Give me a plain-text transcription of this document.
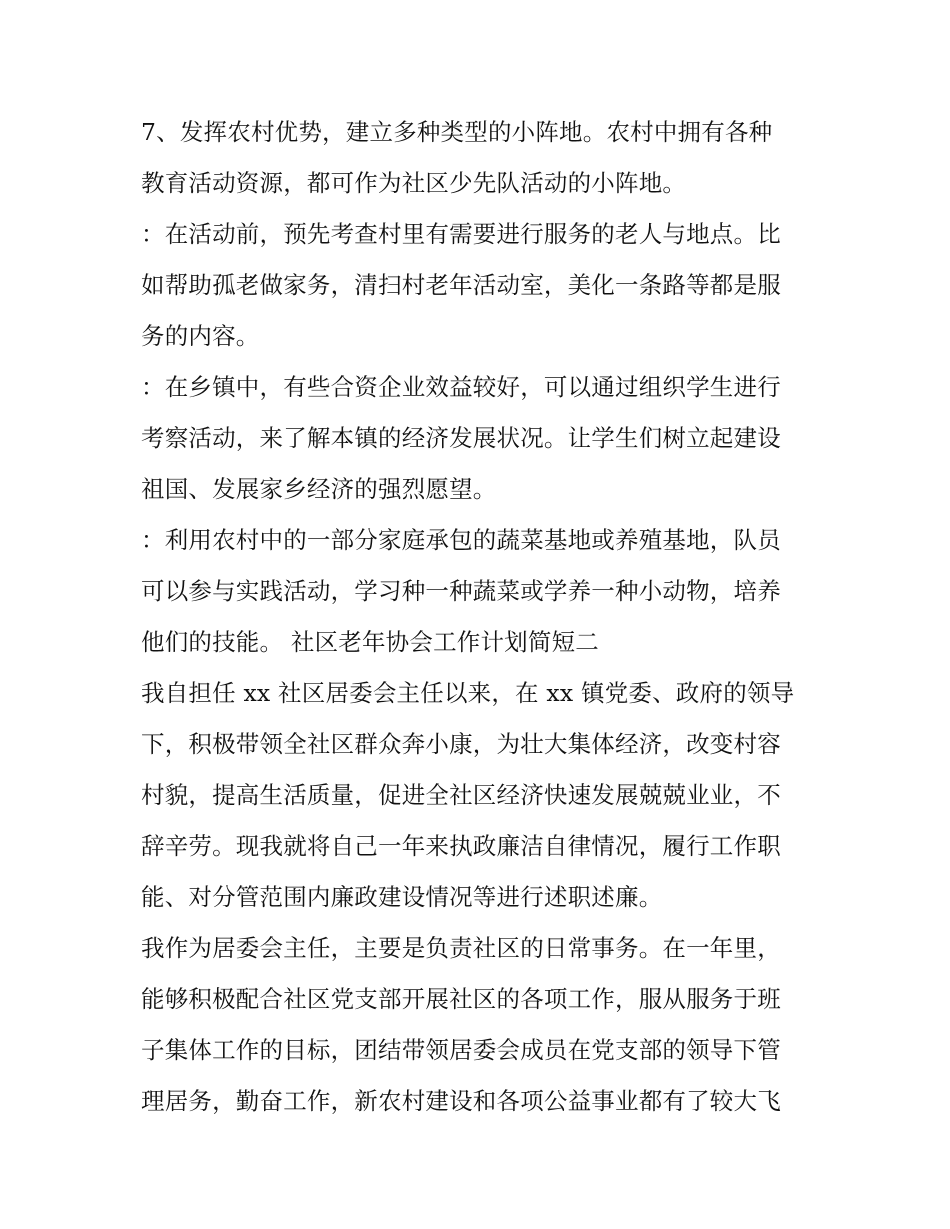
7、发挥农村优势，建立多种类型的小阵地。农村中拥有各种
教育活动资源，都可作为社区少先队活动的小阵地。
：在活动前，预先考查村里有需要进行服务的老人与地点。比
如帮助孤老做家务，清扫村老年活动室，美化一条路等都是服
务的内容。
：在乡镇中，有些合资企业效益较好，可以通过组织学生进行
考察活动，来了解本镇的经济发展状况。让学生们树立起建设
祖国、发展家乡经济的强烈愿望。
：利用农村中的一部分家庭承包的蔬菜基地或养殖基地，队员
可以参与实践活动，学习种一种蔬菜或学养一种小动物，培养
他们的技能。 社区老年协会工作计划简短二
我自担任 xx 社区居委会主任以来，在 xx 镇党委、政府的领导
下，积极带领全社区群众奔小康，为壮大集体经济，改变村容
村貌，提高生活质量，促进全社区经济快速发展兢兢业业，不
辞辛劳。现我就将自己一年来执政廉洁自律情况，履行工作职
能、对分管范围内廉政建设情况等进行述职述廉。
我作为居委会主任，主要是负责社区的日常事务。在一年里，
能够积极配合社区党支部开展社区的各项工作，服从服务于班
子集体工作的目标，团结带领居委会成员在党支部的领导下管
理居务，勤奋工作，新农村建设和各项公益事业都有了较大飞
